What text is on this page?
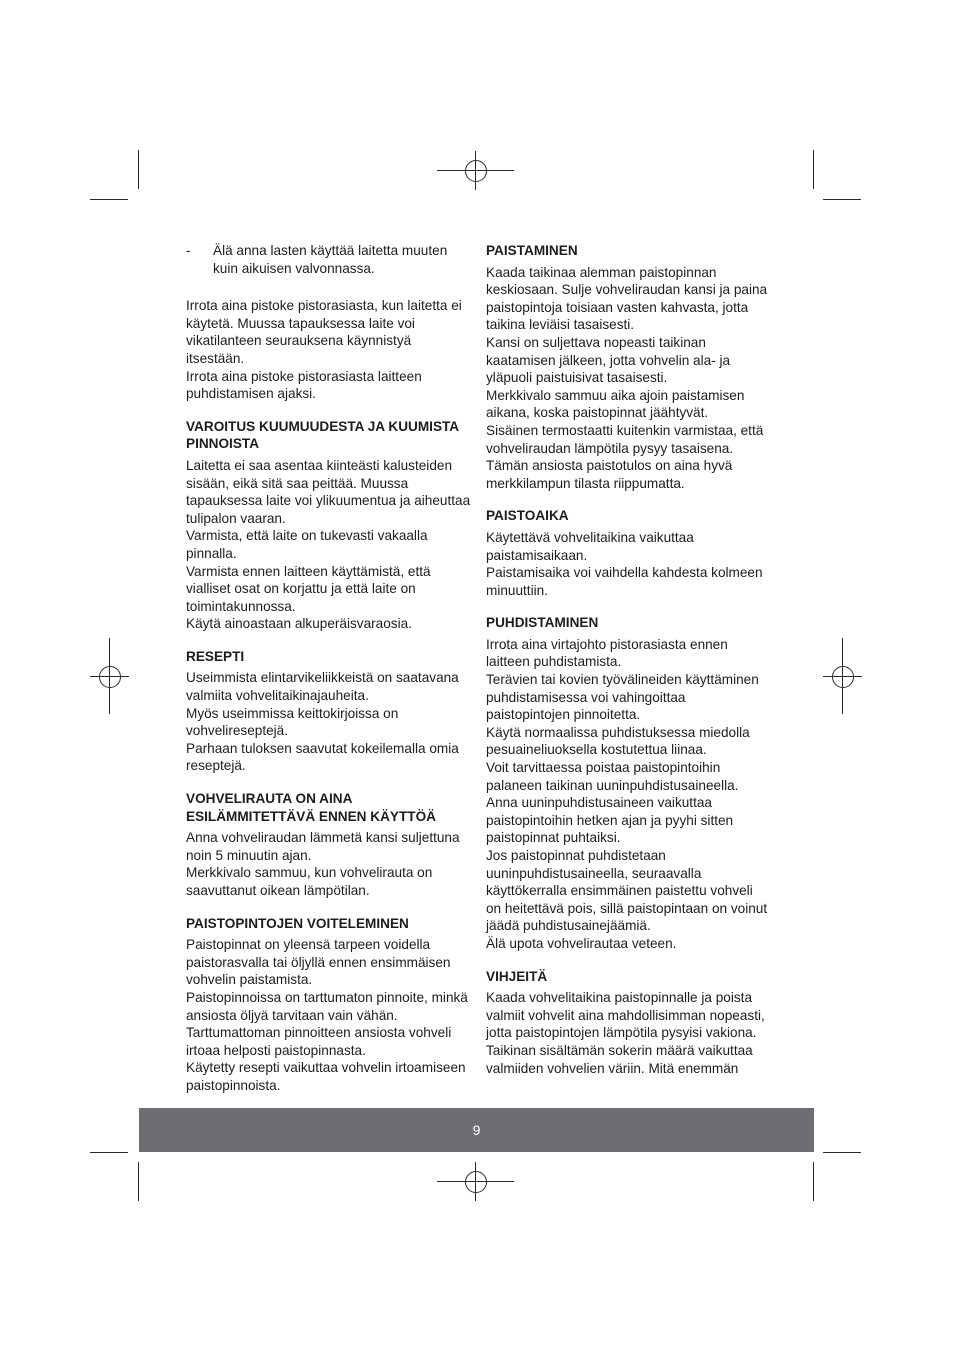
- Älä anna lasten käyttää laitetta muuten kuin aikuisen valvonnassa.

Irrota aina pistoke pistorasiasta, kun laitetta ei käytetä. Muussa tapauksessa laite voi vikatilanteen seurauksena käynnistyä itsestään.

Irrota aina pistoke pistorasiasta laitteen puhdistamisen ajaksi.

VAROITUS KUUMUUDESTA JA KUUMISTA PINNOISTA

Laitetta ei saa asentaa kiinteästi kalusteiden sisään, eikä sitä saa peittää. Muussa tapauksessa laite voi ylikuumentua ja aiheuttaa tulipalon vaaran.

Varmista, että laite on tukevasti vakaalla pinnalla.

Varmista ennen laitteen käyttämistä, että vialliset osat on korjattu ja että laite on toimintakunnossa.

Käytä ainoastaan alkuperäisvaraosia.

RESEPTI

Useimmista elintarvikeliikkeistä on saatavana valmiita vohvelitaikinajauheita.

Myös useimmissa keittokirjoissa on vohvelireseptejä.

Parhaan tuloksen saavutat kokeilemalla omia reseptejä.

VOHVELIRAUTA ON AINA ESILÄMMITETTÄVÄ ENNEN KÄYTTÖÄ

Anna vohveliraudan lämmetä kansi suljettuna noin 5 minuutin ajan.

Merkkivalo sammuu, kun vohvelirauta on saavuttanut oikean lämpötilan.

PAISTOPINTOJEN VOITELEMINEN

Paistopinnat on yleensä tarpeen voidella paistorasvalla tai öljyllä ennen ensimmäisen vohvelin paistamista.

Paistopinnoissa on tarttumaton pinnoite, minkä ansiosta öljyä tarvitaan vain vähän.

Tarttumattoman pinnoitteen ansiosta vohveli irtoaa helposti paistopinnasta.

Käytetty resepti vaikuttaa vohvelin irtoamiseen paistopinnoista.

PAISTAMINEN

Kaada taikinaa alemman paistopinnan keskiosaan. Sulje vohveliraudan kansi ja paina paistopintoja toisiaan vasten kahvasta, jotta taikina leviäisi tasaisesti.

Kansi on suljettava nopeasti taikinan kaatamisen jälkeen, jotta vohvelin ala- ja yläpuoli paistuisivat tasaisesti.

Merkkivalo sammuu aika ajoin paistamisen aikana, koska paistopinnat jäähtyvät.

Sisäinen termostaatti kuitenkin varmistaa, että vohveliraudan lämpötila pysyy tasaisena. Tämän ansiosta paistotulos on aina hyvä merkkilampun tilasta riippumatta.

PAISTOAIKA

Käytettävä vohvelitaikina vaikuttaa paistamisaikaan.

Paistamisaika voi vaihdella kahdesta kolmeen minuuttiin.

PUHDISTAMINEN

Irrota aina virtajohto pistorasiasta ennen laitteen puhdistamista.

Terävien tai kovien työvälineiden käyttäminen puhdistamisessa voi vahingoittaa paistopintojen pinnoitetta.

Käytä normaalissa puhdistuksessa miedolla pesuaineliuoksella kostutettua liinaa.

Voit tarvittaessa poistaa paistopintoihin palaneen taikinan uuninpuhdistusaineella.

Anna uuninpuhdistusaineen vaikuttaa paistopintoihin hetken ajan ja pyyhi sitten paistopinnat puhtaiksi.

Jos paistopinnat puhdistetaan uuninpuhdistusaineella, seuraavalla käyttökerralla ensimmäinen paistettu vohveli on heitettävä pois, sillä paistopintaan on voinut jäädä puhdistusainejäämiä.

Älä upota vohvelirautaa veteen.

VIHJEITÄ

Kaada vohvelitaikina paistopinnalle ja poista valmiit vohvelit aina mahdollisimman nopeasti, jotta paistopintojen lämpötila pysyisi vakiona.

Taikinan sisältämän sokerin määrä vaikuttaa valmiiden vohvelien väriin. Mitä enemmän

9
